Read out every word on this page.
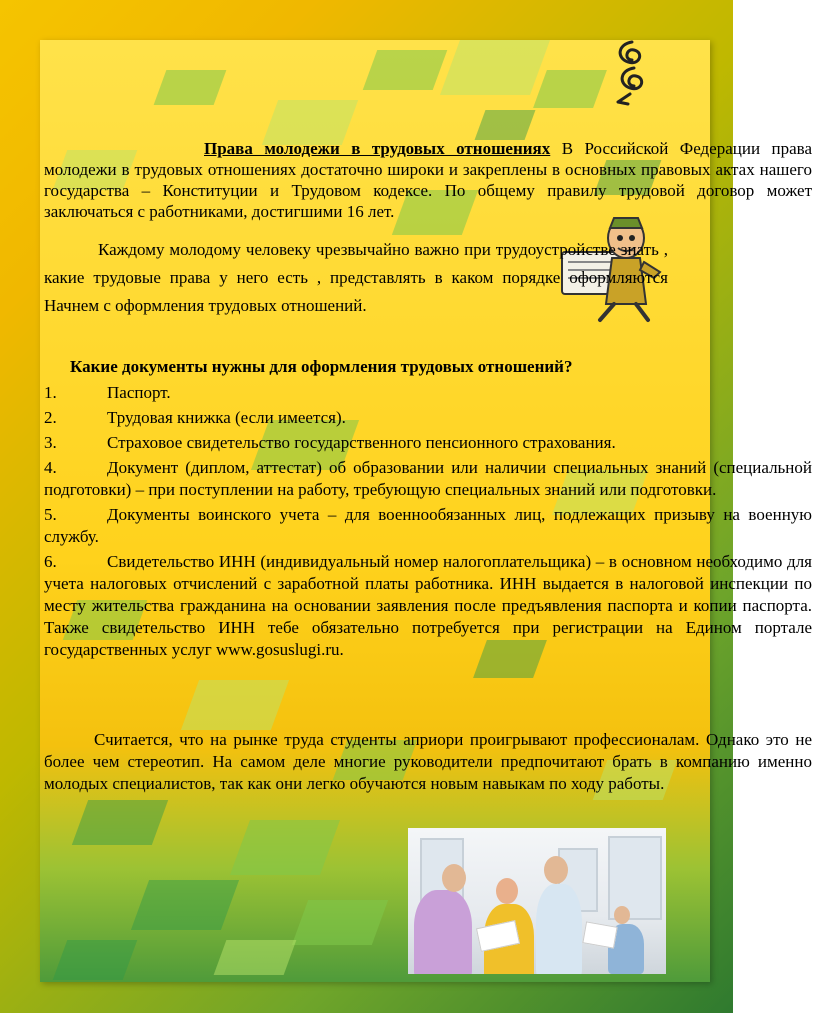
Права молодежи в трудовых отношениях В Российской Федерации права молодежи в трудовых отношениях достаточно широки и закреплены в основных правовых актах нашего государства – Конституции и Трудовом кодексе. По общему правилу трудовой договор может заключаться с работниками, достигшими 16 лет.
Каждому молодому человеку чрезвычайно важно при трудоустройстве знать , какие трудовые права у него есть , представлять в каком порядке оформляются Начнем с оформления трудовых отношений.
Какие документы нужны для оформления трудовых отношений?
1.	Паспорт.
2.	Трудовая книжка (если имеется).
3.	Страховое свидетельство государственного пенсионного страхования.
4.	Документ (диплом, аттестат) об образовании или наличии специальных знаний (специальной подготовки) – при поступлении на работу, требующую специальных знаний или подготовки.
5.	Документы воинского учета – для военнообязанных лиц, подлежащих призыву на военную службу.
6.	Свидетельство ИНН (индивидуальный номер налогоплательщика) – в основном необходимо для учета налоговых отчислений с заработной платы работника. ИНН выдается в налоговой инспекции по месту жительства гражданина на основании заявления после предъявления паспорта и копии паспорта. Также свидетельство ИНН тебе обязательно потребуется при регистрации на Едином портале государственных услуг www.gosuslugi.ru.
Считается, что на рынке труда студенты априори проигрывают профессионалам. Однако это не более чем стереотип. На самом деле многие руководители предпочитают брать в компанию именно молодых специалистов, так как они легко обучаются новым навыкам по ходу работы.
